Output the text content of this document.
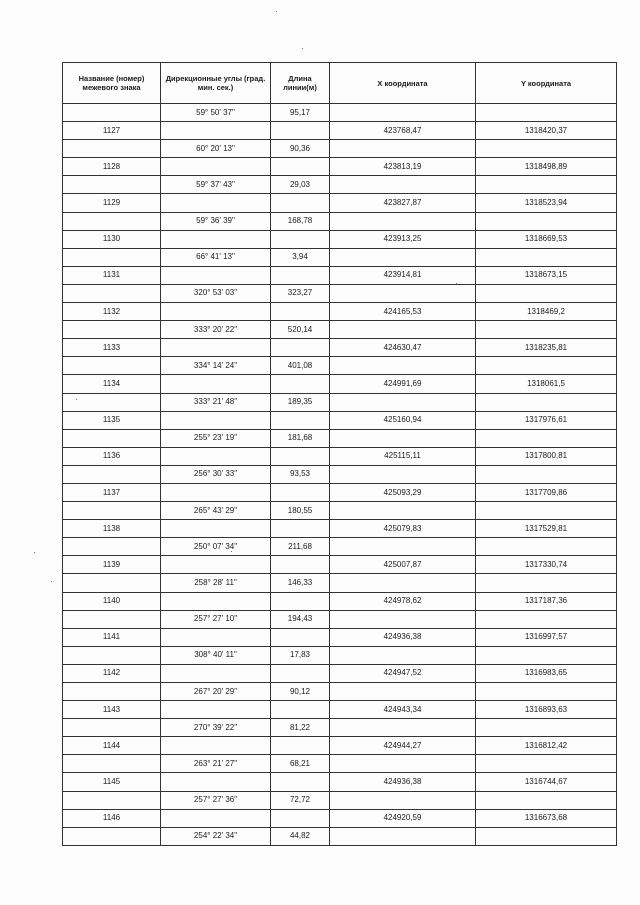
Название (номер) межевого знака	Дирекционные углы (град. мин. сек.)	Длина линии(м)	X координата	Y координата
	59° 50' 37"	95,17		
1127			423768,47	1318420,37
	60° 20' 13"	90,36		
1128			423813,19	1318498,89
	59° 37' 43"	29,03		
1129			423827,87	1318523,94
	59° 36' 39"	168,78		
1130			423913,25	1318669,53
	66° 41' 13"	3,94		
1131			423914,81	1318673,15
	320° 53' 03"	323,27		
1132			424165,53	1318469,2
	333° 20' 22"	520,14		
1133			424630,47	1318235,81
	334° 14' 24"	401,08		
1134			424991,69	1318061,5
	333° 21' 48"	189,35		
1135			425160,94	1317976,61
	255° 23' 19"	181,68		
1136			425115,11	1317800,81
	256° 30' 33"	93,53		
1137			425093,29	1317709,86
	265° 43' 29"	180,55		
1138			425079,83	1317529,81
	250° 07' 34"	211,68		
1139			425007,87	1317330,74
	258° 28' 11"	146,33		
1140			424978,62	1317187,36
	257° 27' 10"	194,43		
1141			424936,38	1316997,57
	308° 40' 11"	17,83		
1142			424947,52	1316983,65
	267° 20' 29"	90,12		
1143			424943,34	1316893,63
	270° 39' 22"	81,22		
1144			424944,27	1316812,42
	263° 21' 27"	68,21		
1145			424936,38	1316744,67
	257° 27' 36"	72,72		
1146			424920,59	1316673,68
	254° 22' 34"	44,82		
